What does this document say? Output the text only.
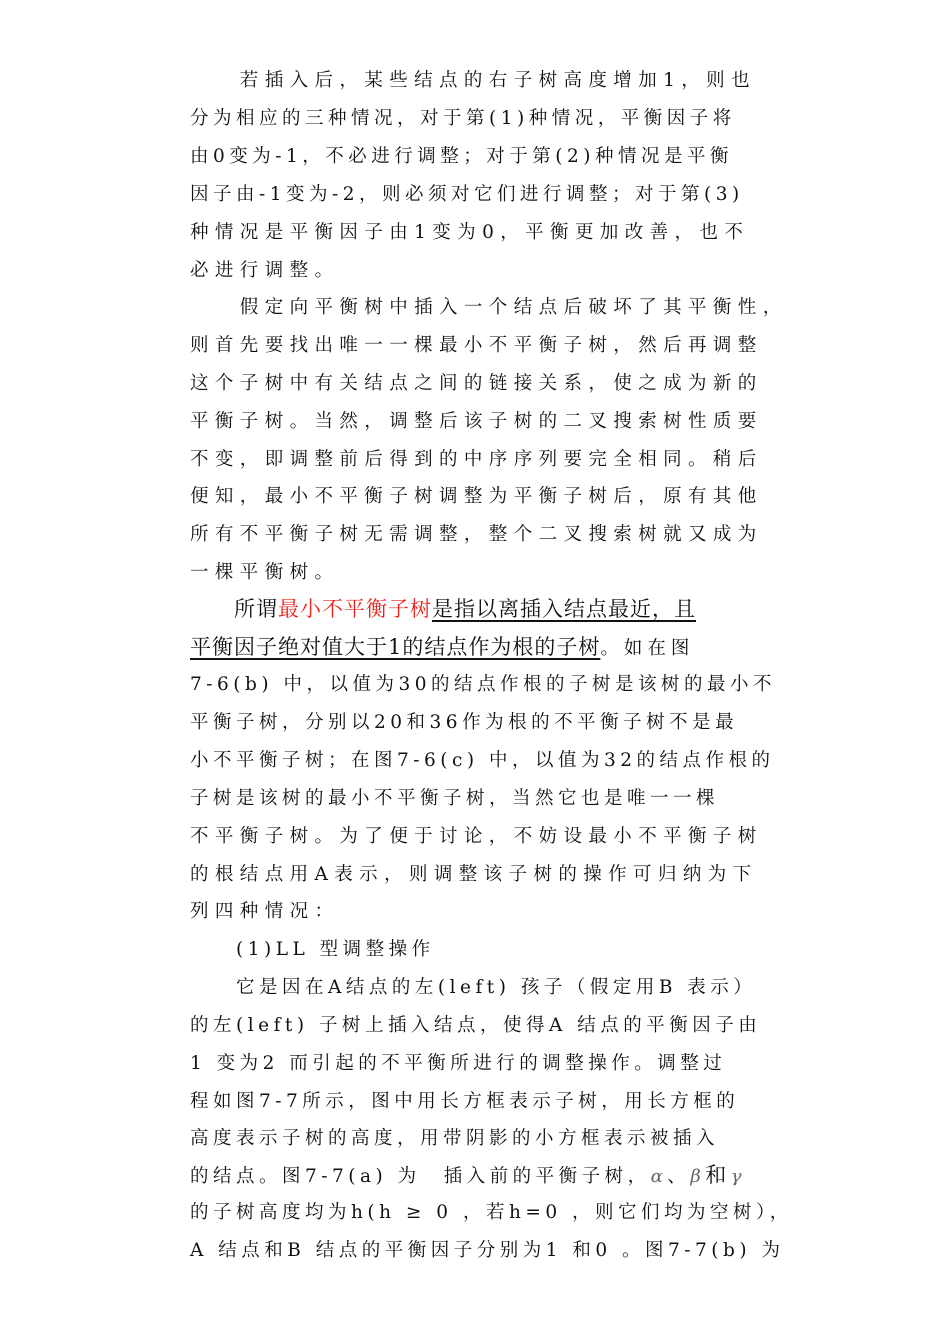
　　若插入后，某些结点的右子树高度增加1，则也
分为相应的三种情况，对于第(1)种情况，平衡因子将
由0变为-1，不必进行调整；对于第(2)种情况是平衡
因子由-1变为-2，则必须对它们进行调整；对于第(3)
种情况是平衡因子由1变为0，平衡更加改善，也不
必进行调整。
　　假定向平衡树中插入一个结点后破坏了其平衡性，
则首先要找出唯一一棵最小不平衡子树，然后再调整
这个子树中有关结点之间的链接关系，使之成为新的
平衡子树。当然，调整后该子树的二叉搜索树性质要
不变，即调整前后得到的中序序列要完全相同。稍后
便知，最小不平衡子树调整为平衡子树后，原有其他
所有不平衡子树无需调整，整个二叉搜索树就又成为
一棵平衡树。
　　所谓最小不平衡子树是指以离插入结点最近，且
平衡因子绝对值大于1的结点作为根的子树。如在图
7-6(b) 中，以值为30的结点作根的子树是该树的最小不
平衡子树，分别以20和36作为根的不平衡子树不是最
小不平衡子树；在图7-6(c) 中，以值为32的结点作根的
子树是该树的最小不平衡子树，当然它也是唯一一棵
不平衡子树。为了便于讨论，不妨设最小不平衡子树
的根结点用A表示，则调整该子树的操作可归纳为下
列四种情况：
　　(1)LL 型调整操作
　　它是因在A结点的左(left) 孩子（假定用B 表示）
的左(left) 子树上插入结点，使得A 结点的平衡因子由
1 变为2 而引起的不平衡所进行的调整操作。调整过
程如图7-7所示，图中用长方框表示子树，用长方框的
高度表示子树的高度，用带阴影的小方框表示被插入
的结点。图7-7(a) 为　插入前的平衡子树，α、β和γ
的子树高度均为h(h ≥ 0 ，若h=0 ，则它们均为空树），
A 结点和B 结点的平衡因子分别为1 和0 。图7-7(b) 为
